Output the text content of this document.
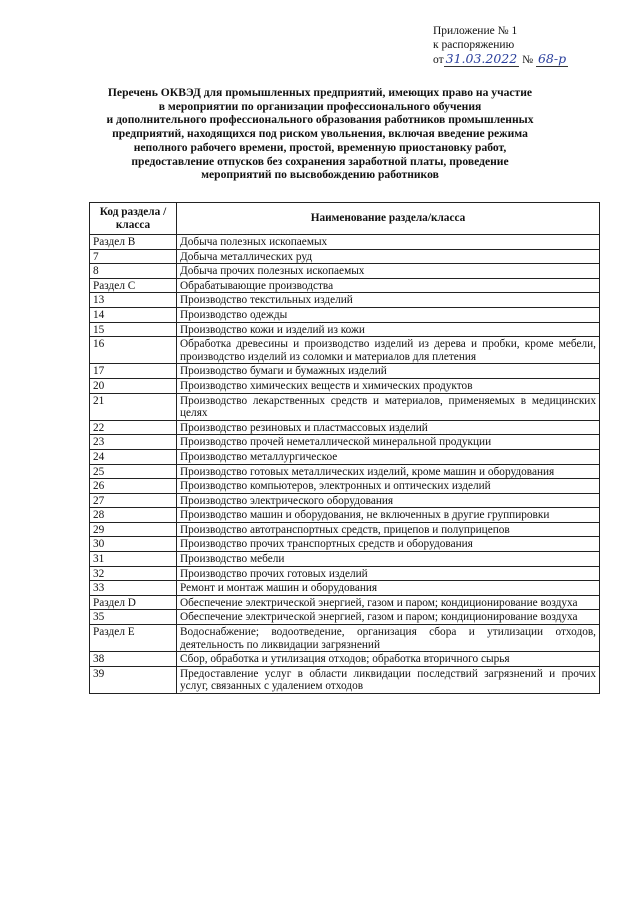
Приложение № 1
к распоряжению
от 31.03.2022 № 68-р
Перечень ОКВЭД для промышленных предприятий, имеющих право на участие
в мероприятии по организации профессионального обучения
и дополнительного профессионального образования работников промышленных
предприятий, находящихся под риском увольнения, включая введение режима
неполного рабочего времени, простой, временную приостановку работ,
предоставление отпусков без сохранения заработной платы, проведение
мероприятий по высвобождению работников
Код раздела /класса	Наименование раздела/класса
Раздел B	Добыча полезных ископаемых
7	Добыча металлических руд
8	Добыча прочих полезных ископаемых
Раздел C	Обрабатывающие производства
13	Производство текстильных изделий
14	Производство одежды
15	Производство кожи и изделий из кожи
16	Обработка древесины и производство изделий из дерева и пробки, кроме мебели, производство изделий из соломки и материалов для плетения
17	Производство бумаги и бумажных изделий
20	Производство химических веществ и химических продуктов
21	Производство лекарственных средств и материалов, применяемых в медицинских целях
22	Производство резиновых и пластмассовых изделий
23	Производство прочей неметаллической минеральной продукции
24	Производство металлургическое
25	Производство готовых металлических изделий, кроме машин и оборудования
26	Производство компьютеров, электронных и оптических изделий
27	Производство электрического оборудования
28	Производство машин и оборудования, не включенных в другие группировки
29	Производство автотранспортных средств, прицепов и полуприцепов
30	Производство прочих транспортных средств и оборудования
31	Производство мебели
32	Производство прочих готовых изделий
33	Ремонт и монтаж машин и оборудования
Раздел D	Обеспечение электрической энергией, газом и паром; кондиционирование воздуха
35	Обеспечение электрической энергией, газом и паром; кондиционирование воздуха
Раздел E	Водоснабжение; водоотведение, организация сбора и утилизации отходов, деятельность по ликвидации загрязнений
38	Сбор, обработка и утилизация отходов; обработка вторичного сырья
39	Предоставление услуг в области ликвидации последствий загрязнений и прочих услуг, связанных с удалением отходов
